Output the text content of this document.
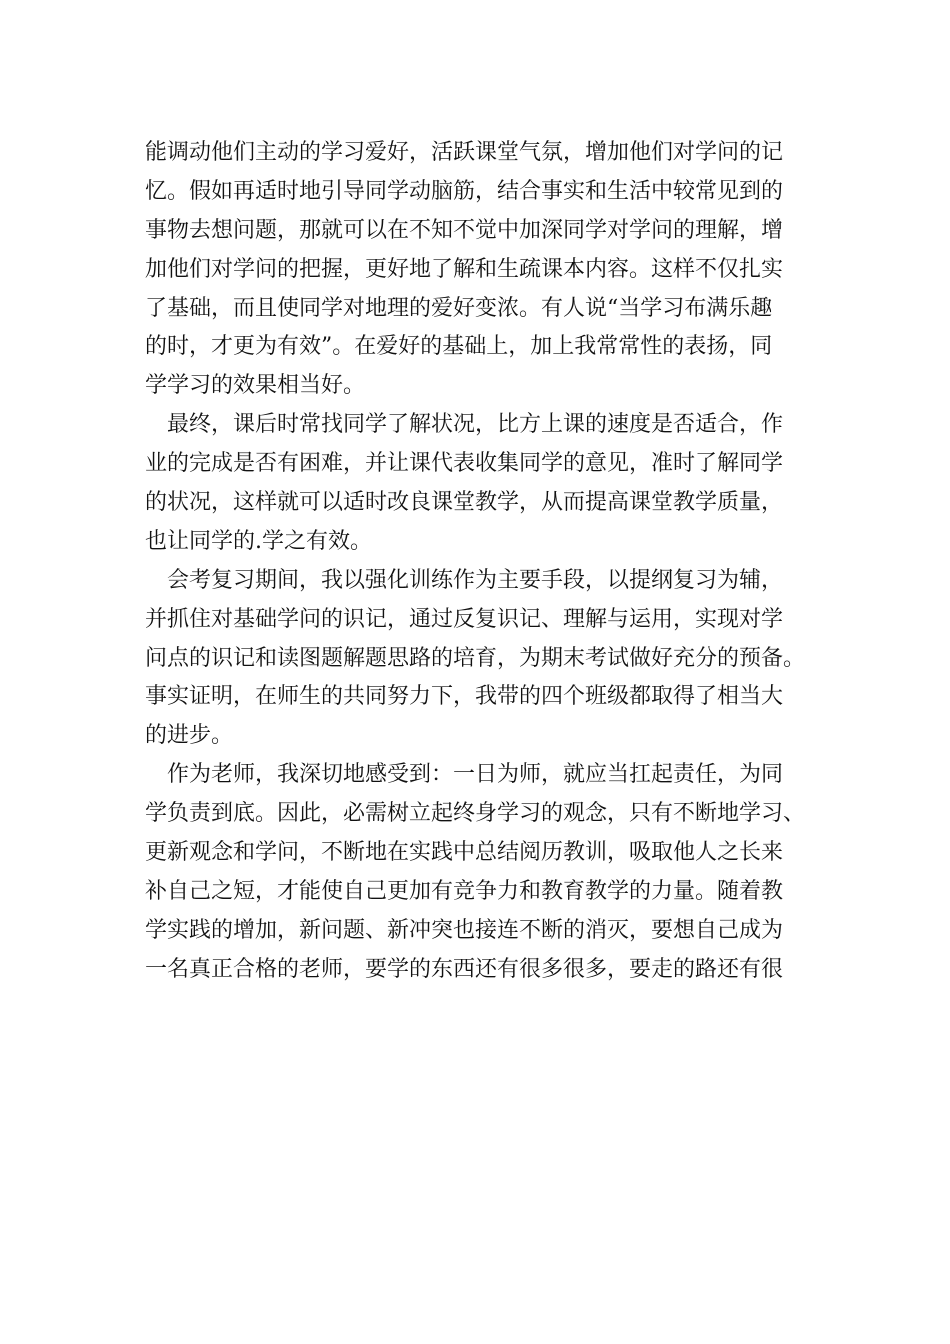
能调动他们主动的学习爱好，活跃课堂气氛，增加他们对学问的记
忆。假如再适时地引导同学动脑筋，结合事实和生活中较常见到的
事物去想问题，那就可以在不知不觉中加深同学对学问的理解，增
加他们对学问的把握，更好地了解和生疏课本内容。这样不仅扎实
了基础，而且使同学对地理的爱好变浓。有人说“当学习布满乐趣
的时，才更为有效”。在爱好的基础上，加上我常常性的表扬，同
学学习的效果相当好。
最终，课后时常找同学了解状况，比方上课的速度是否适合，作
业的完成是否有困难，并让课代表收集同学的意见，准时了解同学
的状况，这样就可以适时改良课堂教学，从而提高课堂教学质量，
也让同学的.学之有效。
会考复习期间，我以强化训练作为主要手段，以提纲复习为辅，
并抓住对基础学问的识记，通过反复识记、理解与运用，实现对学
问点的识记和读图题解题思路的培育，为期末考试做好充分的预备。
事实证明，在师生的共同努力下，我带的四个班级都取得了相当大
的进步。
作为老师，我深切地感受到：一日为师，就应当扛起责任，为同
学负责到底。因此，必需树立起终身学习的观念，只有不断地学习、
更新观念和学问，不断地在实践中总结阅历教训，吸取他人之长来
补自己之短，才能使自己更加有竞争力和教育教学的力量。随着教
学实践的增加，新问题、新冲突也接连不断的消灭，要想自己成为
一名真正合格的老师，要学的东西还有很多很多，要走的路还有很
